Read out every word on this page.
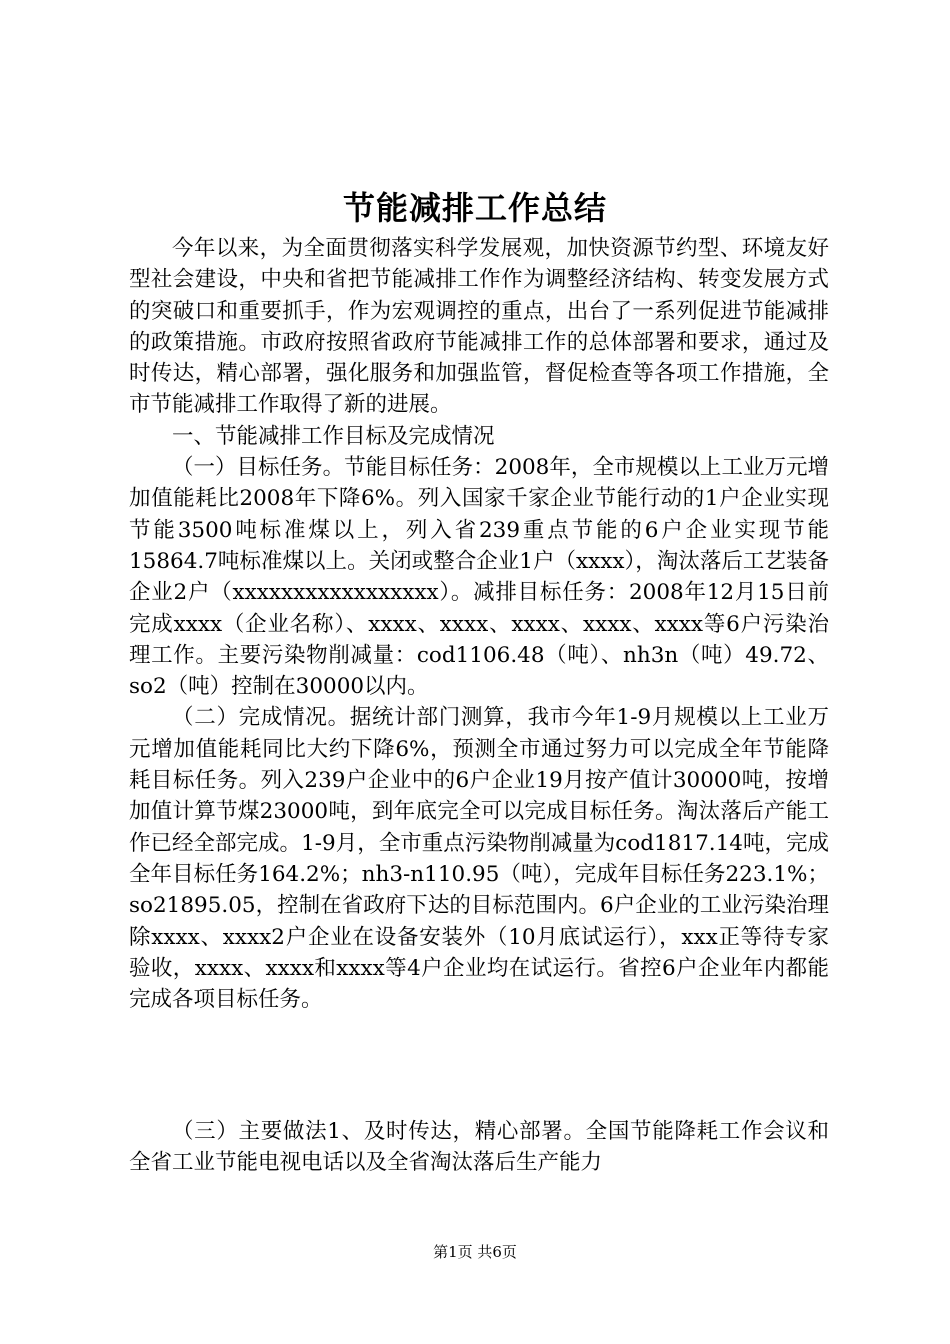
节能减排工作总结

今年以来，为全面贯彻落实科学发展观，加快资源节约型、环境友好型社会建设，中央和省把节能减排工作作为调整经济结构、转变发展方式的突破口和重要抓手，作为宏观调控的重点，出台了一系列促进节能减排的政策措施。市政府按照省政府节能减排工作的总体部署和要求，通过及时传达，精心部署，强化服务和加强监管，督促检查等各项工作措施，全市节能减排工作取得了新的进展。

一、节能减排工作目标及完成情况

（一）目标任务。节能目标任务：2008年，全市规模以上工业万元增加值能耗比2008年下降6%。列入国家千家企业节能行动的1户企业实现节能3500吨标准煤以上，列入省239重点节能的6户企业实现节能15864.7吨标准煤以上。关闭或整合企业1户（xxxx），淘汰落后工艺装备企业2户（xxxxxxxxxxxxxxxxx）。减排目标任务：2008年12月15日前完成xxxx（企业名称）、xxxx、xxxx、xxxx、xxxx、xxxx等6户污染治理工作。主要污染物削减量：cod1106.48（吨）、nh3n（吨）49.72、so2（吨）控制在30000以内。

（二）完成情况。据统计部门测算，我市今年1-9月规模以上工业万元增加值能耗同比大约下降6%，预测全市通过努力可以完成全年节能降耗目标任务。列入239户企业中的6户企业19月按产值计30000吨，按增加值计算节煤23000吨，到年底完全可以完成目标任务。淘汰落后产能工作已经全部完成。1-9月，全市重点污染物削减量为cod1817.14吨，完成全年目标任务164.2%；nh3-n110.95（吨），完成年目标任务223.1%；so21895.05，控制在省政府下达的目标范围内。6户企业的工业污染治理除xxxx、xxxx2户企业在设备安装外（10月底试运行），xxx正等待专家验收，xxxx、xxxx和xxxx等4户企业均在试运行。省控6户企业年内都能完成各项目标任务。

（三）主要做法1、及时传达，精心部署。全国节能降耗工作会议和全省工业节能电视电话以及全省淘汰落后生产能力

第1页 共6页
